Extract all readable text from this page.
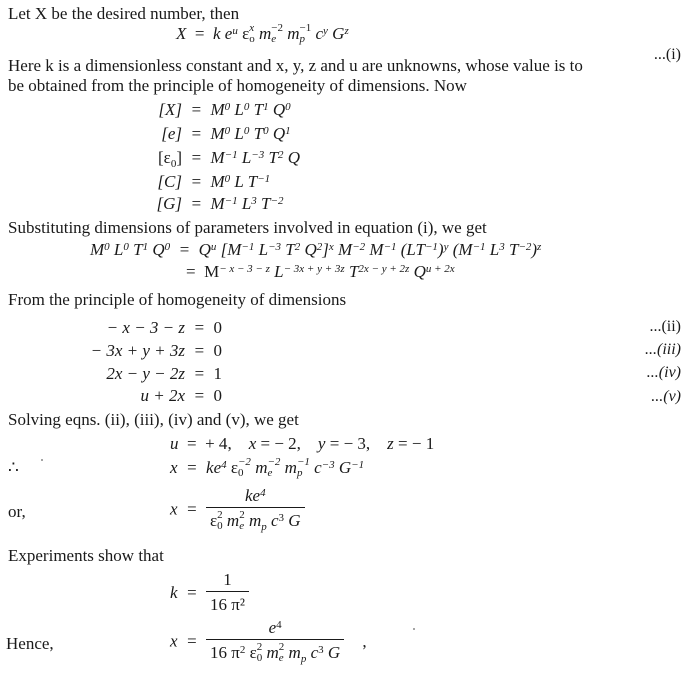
Let X be the desired number, then
X  =  k $e^u$ ε x
o m −2
e m −1
p $c^y$ $G^z$
...(i)
Here k is a dimensionless constant and x, y, z and u are unknowns, whose value is to
be obtained from the principle of homogeneity of dimensions. Now
$[X] = M^0$ $L^0$ $T^1$ $Q^0$
$[e] = M^0$ $L^0$ $T^0$ $Q^1$
$[\varepsilon_0] = M^{-1}$ $L^{-3}$ $T^2$ Q
$[C] = M^0$ L $T^{-1}$
$[G] = M^{-1}$ $L^3$ $T^{-2}$
Substituting dimensions of parameters involved in equation (i), we get
$M^0$ $L^0$ $T^1$ $Q^0 = Q^u$ [$M^{-1}$ $L^{-3}$ $T^2$ $Q^2]^x$ $M^{-2}$ $M^{-1}$ $(LT^{-1})^y$ ($M^{-1}$ $L^3$ $T^{-2})^z$
=  $M^{- x - 3 - z}$ $L^{- 3x + y + 3z}$ $T^{2x - y + 2z}$ $Q^{u + 2x}$
From the principle of homogeneity of dimensions
− x − 3 − z  =  0	...(ii)
− 3x + y + 3z  =  0	...(iii)
2x − y − 2z  =  1	...(iv)
u + 2x  =  0	...(v)
Solving eqns. (ii), (iii), (iv) and (v), we get
u  =  + 4,    x = − 2,    y = − 3,    z = − 1
∴	$x = ke^4$ ε −2
0 m −2
e m −1
p $c^{-3}$ $G^{-1}$
or,	$x = ke^4$
ε 2
0 m 2
e $m_p$ $c^3$ G
Experiments show that
$k = \frac{1}{\text{16 π²}}$
Hence,	$x = e^4$
16 $\pi^2$ ε 2
0 m 2
e $m_p$ $c^3$ G ,
